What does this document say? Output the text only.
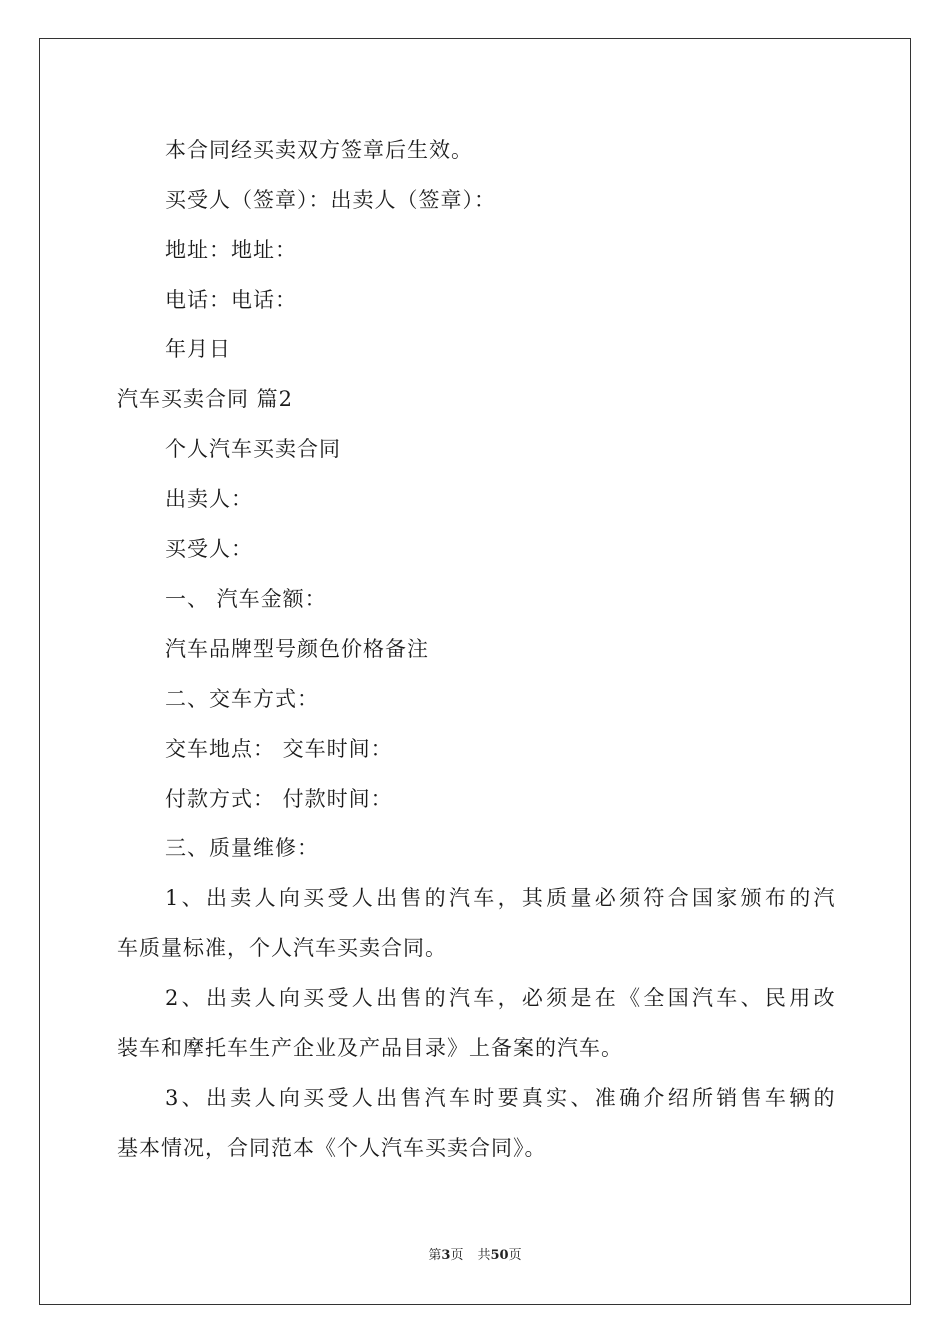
本合同经买卖双方签章后生效。
买受人（签章）：出卖人（签章）：
地址：地址：
电话：电话：
年月日
汽车买卖合同 篇2
个人汽车买卖合同
出卖人：
买受人：
一、 汽车金额：
汽车品牌型号颜色价格备注
二、交车方式：
交车地点： 交车时间：
付款方式： 付款时间：
三、质量维修：
1、出卖人向买受人出售的汽车，其质量必须符合国家颁布的汽
车质量标准，个人汽车买卖合同。
2、出卖人向买受人出售的汽车，必须是在《全国汽车、民用改
装车和摩托车生产企业及产品目录》上备案的汽车。
3、出卖人向买受人出售汽车时要真实、准确介绍所销售车辆的
基本情况，合同范本《个人汽车买卖合同》。
第3页 共50页
